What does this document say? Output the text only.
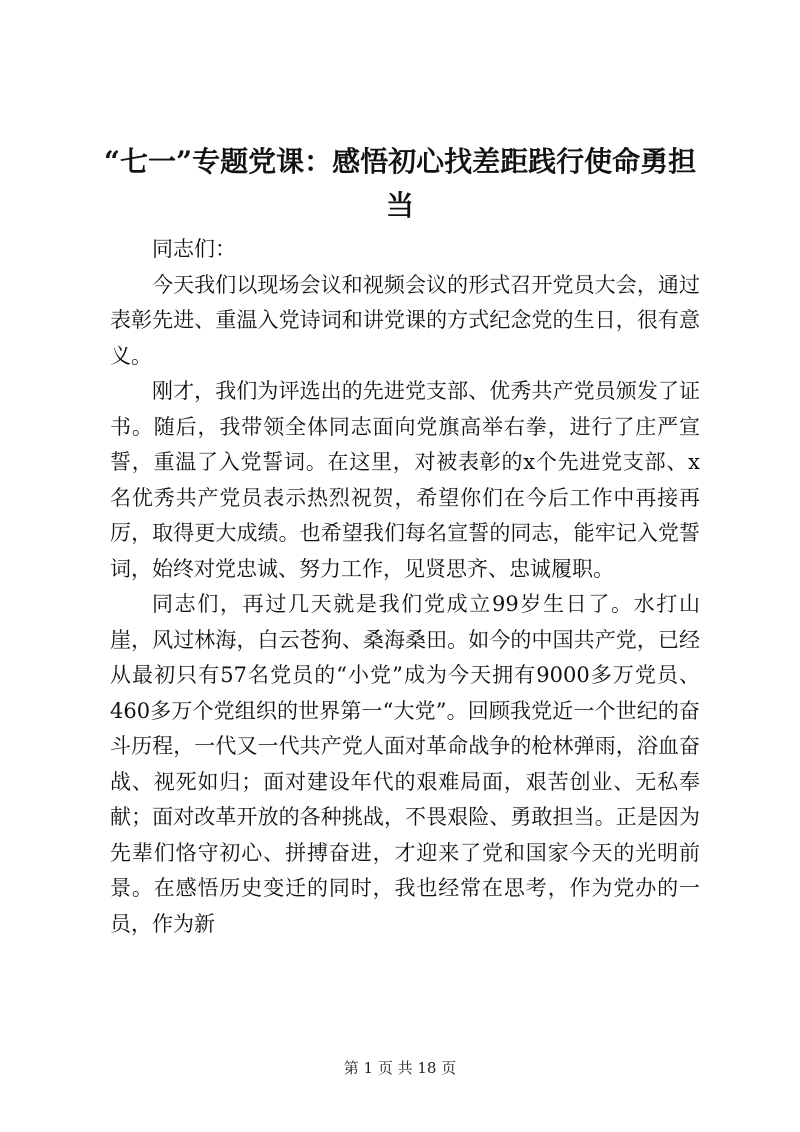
“七一”专题党课：感悟初心找差距践行使命勇担当

同志们：

今天我们以现场会议和视频会议的形式召开党员大会，通过表彰先进、重温入党诗词和讲党课的方式纪念党的生日，很有意义。

刚才，我们为评选出的先进党支部、优秀共产党员颁发了证书。随后，我带领全体同志面向党旗高举右拳，进行了庄严宣誓，重温了入党誓词。在这里，对被表彰的x个先进党支部、x名优秀共产党员表示热烈祝贺，希望你们在今后工作中再接再厉，取得更大成绩。也希望我们每名宣誓的同志，能牢记入党誓词，始终对党忠诚、努力工作，见贤思齐、忠诚履职。

同志们，再过几天就是我们党成立99岁生日了。水打山崖，风过林海，白云苍狗、桑海桑田。如今的中国共产党，已经从最初只有57名党员的“小党”成为今天拥有9000多万党员、460多万个党组织的世界第一“大党”。回顾我党近一个世纪的奋斗历程，一代又一代共产党人面对革命战争的枪林弹雨，浴血奋战、视死如归；面对建设年代的艰难局面，艰苦创业、无私奉献；面对改革开放的各种挑战，不畏艰险、勇敢担当。正是因为先辈们恪守初心、拼搏奋进，才迎来了党和国家今天的光明前景。在感悟历史变迁的同时，我也经常在思考，作为党办的一员，作为新

第 1 页 共 18 页
